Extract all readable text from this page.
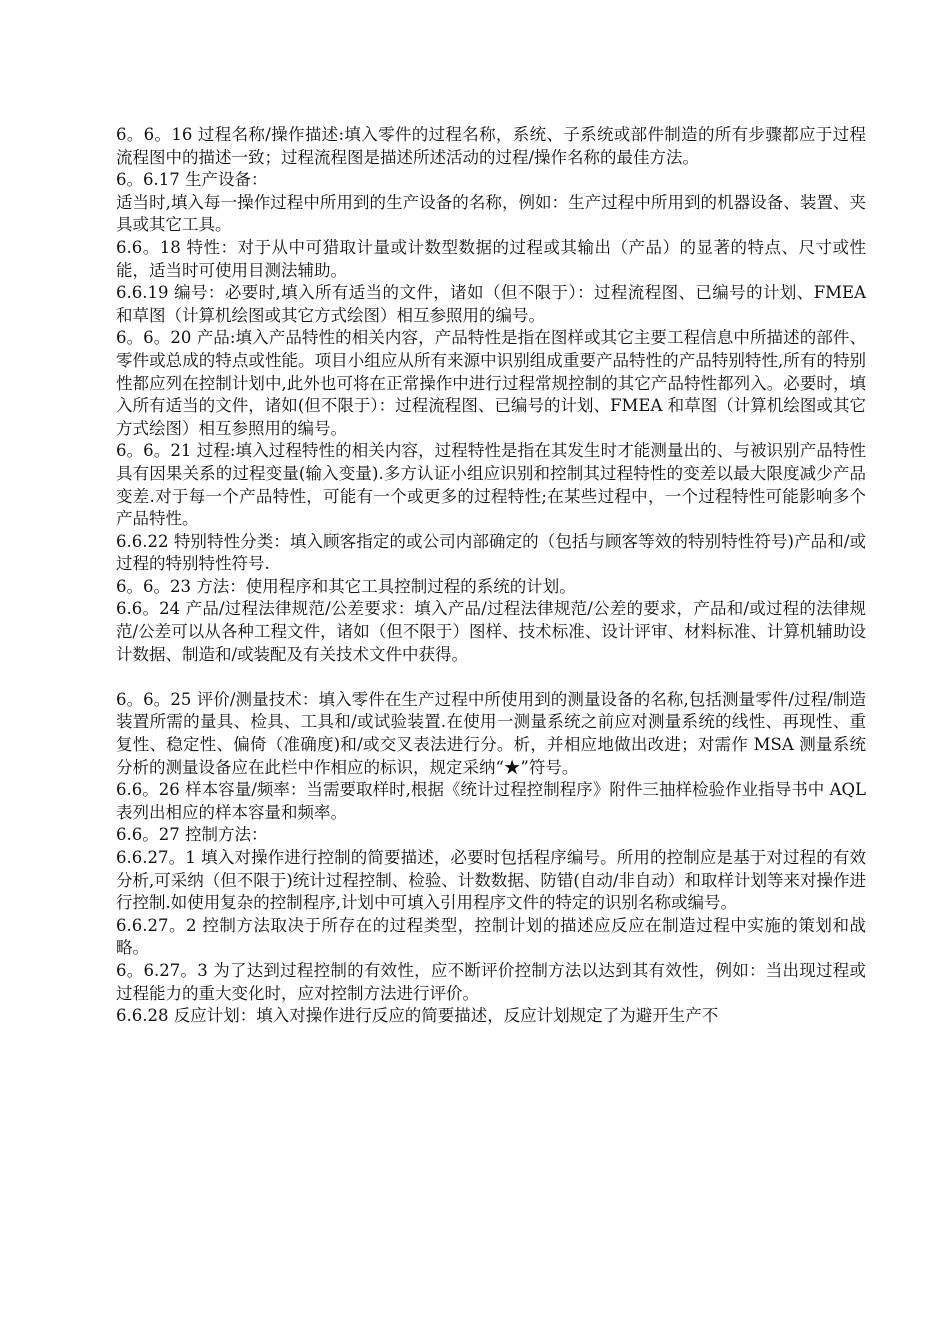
6。6。16 过程名称/操作描述:填入零件的过程名称，系统、子系统或部件制造的所有步骤都应于过程流程图中的描述一致；过程流程图是描述所述活动的过程/操作名称的最佳方法。

6。6.17 生产设备：

适当时,填入每一操作过程中所用到的生产设备的名称，例如：生产过程中所用到的机器设备、装置、夹具或其它工具。

6.6。18 特性：对于从中可猎取计量或计数型数据的过程或其输出（产品）的显著的特点、尺寸或性能，适当时可使用目测法辅助。

6.6.19 编号：必要时,填入所有适当的文件，诸如（但不限于）：过程流程图、已编号的计划、FMEA 和草图（计算机绘图或其它方式绘图）相互参照用的编号。

6。6。20 产品:填入产品特性的相关内容，产品特性是指在图样或其它主要工程信息中所描述的部件、零件或总成的特点或性能。项目小组应从所有来源中识别组成重要产品特性的产品特别特性,所有的特别性都应列在控制计划中,此外也可将在正常操作中进行过程常规控制的其它产品特性都列入。必要时，填入所有适当的文件，诸如(但不限于）：过程流程图、已编号的计划、FMEA 和草图（计算机绘图或其它方式绘图）相互参照用的编号。

6。6。21 过程:填入过程特性的相关内容，过程特性是指在其发生时才能测量出的、与被识别产品特性具有因果关系的过程变量(输入变量).多方认证小组应识别和控制其过程特性的变差以最大限度减少产品变差.对于每一个产品特性，可能有一个或更多的过程特性;在某些过程中，一个过程特性可能影响多个产品特性。

6.6.22 特别特性分类：填入顾客指定的或公司内部确定的（包括与顾客等效的特别特性符号)产品和/或过程的特别特性符号.

6。6。23 方法：使用程序和其它工具控制过程的系统的计划。

6.6。24 产品/过程法律规范/公差要求：填入产品/过程法律规范/公差的要求，产品和/或过程的法律规范/公差可以从各种工程文件，诸如（但不限于）图样、技术标准、设计评审、材料标准、计算机辅助设计数据、制造和/或装配及有关技术文件中获得。

6。6。25 评价/测量技术：填入零件在生产过程中所使用到的测量设备的名称,包括测量零件/过程/制造装置所需的量具、检具、工具和/或试验装置.在使用一测量系统之前应对测量系统的线性、再现性、重复性、稳定性、偏倚（准确度)和/或交叉表法进行分。析，并相应地做出改进；对需作 MSA 测量系统分析的测量设备应在此栏中作相应的标识，规定采纳“★”符号。

6.6。26 样本容量/频率：当需要取样时,根据《统计过程控制程序》附件三抽样检验作业指导书中 AQL 表列出相应的样本容量和频率。

6.6。27 控制方法：

6.6.27。1 填入对操作进行控制的简要描述，必要时包括程序编号。所用的控制应是基于对过程的有效分析,可采纳（但不限于)统计过程控制、检验、计数数据、防错(自动/非自动）和取样计划等来对操作进行控制.如使用复杂的控制程序,计划中可填入引用程序文件的特定的识别名称或编号。

6.6.27。2 控制方法取决于所存在的过程类型，控制计划的描述应反应在制造过程中实施的策划和战略。

6。6.27。3 为了达到过程控制的有效性，应不断评价控制方法以达到其有效性，例如：当出现过程或过程能力的重大变化时，应对控制方法进行评价。

6.6.28 反应计划：填入对操作进行反应的简要描述，反应计划规定了为避开生产不
